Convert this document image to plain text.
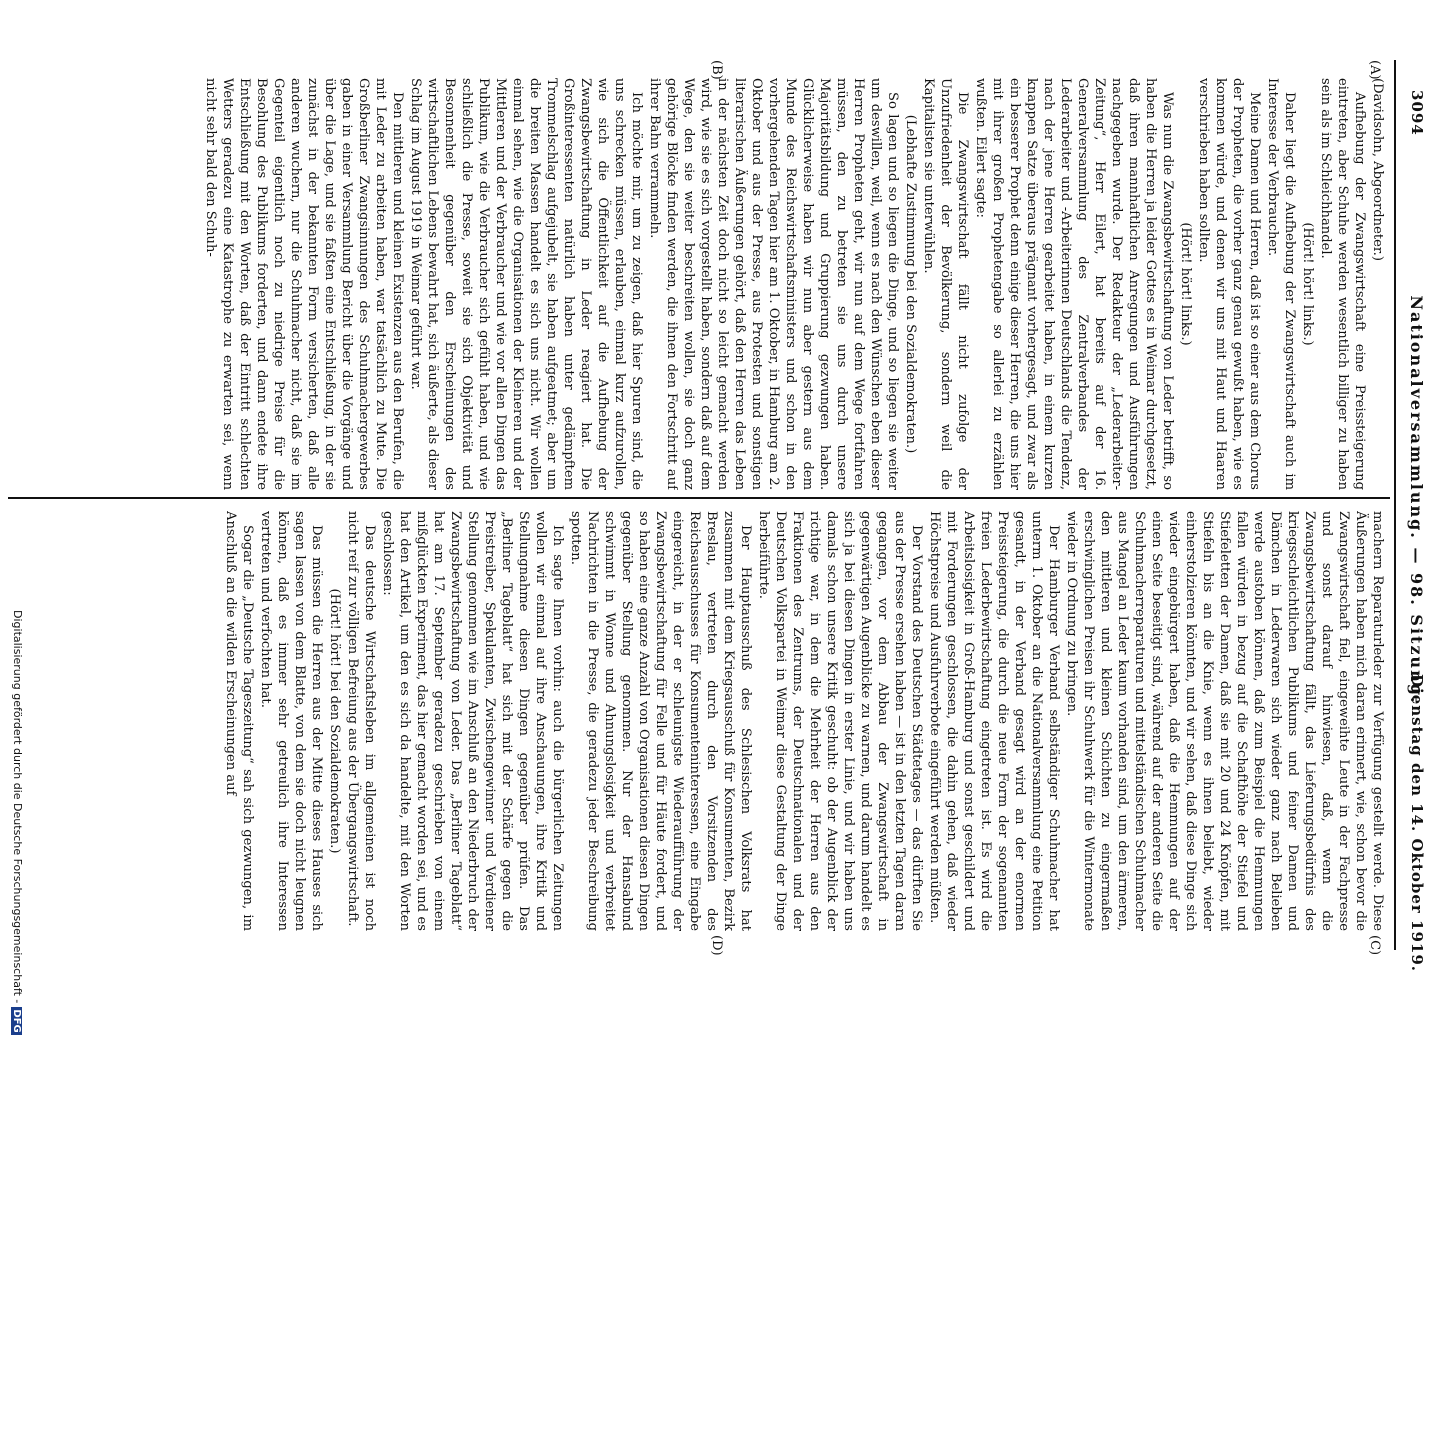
3094
Nationalversammlung. — 98. Sitzung.
Dienstag den 14. Oktober 1919.
(A)
(B)
(C)
(D)

(Davidsohn, Abgeordneter.)

Aufhebung der Zwangswirtschaft eine Preissteigerung eintreten, aber Schuhe werden wesentlich billiger zu haben sein als im Schleichhandel.

(Hört! hört! links.)

Daher liegt die Aufhebung der Zwangswirtschaft auch im Interesse der Verbraucher.

Meine Damen und Herren, daß ist so einer aus dem Chorus der Propheten, die vorher ganz genau gewußt haben, wie es kommen würde, und denen wir uns mit Haut und Haaren verschrieben haben sollten.

(Hört! hört! links.)

Was nun die Zwangsbewirtschaftung von Leder betrifft, so haben die Herren ja leider Gottes es in Weimar durchgesetzt, daß ihren mannhaftlichen Anregungen und Ausführungen nachgegeben wurde. Der Redakteur der „Lederarbeiter-Zeitung“, Herr Eilert, hat bereits auf der 16. Generalversammlung des Zentralverbandes der Lederarbeiter und -Arbeiterinnen Deutschlands die Tendenz, nach der jene Herren gearbeitet haben, in einem kurzen knappen Satze überaus prägnant vorhergesagt, und zwar als ein besserer Prophet denn einige dieser Herren, die uns hier mit ihrer großen Prophetengabe so allerlei zu erzählen wußten. Eilert sagte:

Die Zwangswirtschaft fällt nicht zufolge der Unzufriedenheit der Bevölkerung, sondern weil die Kapitalisten sie unterwühlen.

(Lebhafte Zustimmung bei den Sozialdemokraten.)

So lagen und so liegen die Dinge, und so liegen sie weiter um deswillen, weil, wenn es nach den Wünschen eben dieser Herren Propheten geht, wir nun auf dem Wege fortfahren müssen, den zu betreten sie uns durch unsere Majoritätsbildung und Gruppierung gezwungen haben. Glücklicherweise haben wir nun aber gestern aus dem Munde des Reichswirtschaftsministers und schon in den vorhergehenden Tagen hier am 1. Oktober, in Hamburg am 2. Oktober und aus der Presse, aus Protesten und sonstigen literarischen Äußerungen gehört, daß den Herren das Leben in der nächsten Zeit doch nicht so leicht gemacht werden wird, wie sie es sich vorgestellt haben, sondern daß auf dem Wege, den sie weiter beschreiten wollen, sie doch ganz gehörige Blöcke finden werden, die ihnen den Fortschritt auf ihrer Bahn verrammeln.

Ich möchte mir, um zu zeigen, daß hier Spuren sind, die uns schrecken müssen, erlauben, einmal kurz aufzurollen, wie sich die Öffentlichkeit auf die Aufhebung der Zwangsbewirtschaftung in Leder reagiert hat. Die Großinteressenten natürlich haben unter gedämpftem Trommelschlag aufgejubelt, sie haben aufgeatmet; aber um die breiten Massen handelt es sich uns nicht. Wir wollen einmal sehen, wie die Organisationen der Kleineren und der Mittleren und der Verbraucher und wie vor allen Dingen das Publikum, wie die Verbraucher sich gefühlt haben, und wie schließlich die Presse, soweit sie sich Objektivität und Besonnenheit gegenüber den Erscheinungen des wirtschaftlichen Lebens bewahrt hat, sich äußerte, als dieser Schlag im August 1919 in Weimar geführt war.

Den mittleren und kleinen Existenzen aus den Berufen, die mit Leder zu arbeiten haben, war tatsächlich zu Mute. Die Großberliner Zwangsinnungen des Schuhmachergewerbes gaben in einer Versammlung Bericht über die Vorgänge und über die Lage, und sie faßten eine Entschließung, in der sie zunächst in der bekannten Form versicherten, daß alle anderen wuchern, nur die Schuhmacher nicht, daß sie im Gegenteil eigentlich noch zu niedrige Preise für die Besohlung des Publikums forderten, und dann endete ihre Entschließung mit den Worten, daß der Eintritt schlechten Wetters geradezu eine Katastrophe zu erwarten sei, wenn nicht sehr bald den Schuh-

machern Reparaturleder zur Verfügung gestellt werde. Diese Äußerungen haben mich daran erinnert, wie, schon bevor die Zwangswirtschaft fiel, eingeweihte Leute in der Fachpresse und sonst darauf hinwiesen, daß, wenn die Zwangsbewirtschaftung fällt, das Lieferungsbedürfnis des kriegsschleichtlichen Publikums und feiner Damen und Dämchen in Lederwaren sich wieder ganz nach Belieben werde austoben können, daß zum Beispiel die Hemmungen fallen würden in bezug auf die Schafthöhe der Stiefel und Stiefeletten der Damen, daß sie mit 20 und 24 Knöpfen, mit Stiefeln bis an die Knie, wenn es ihnen beliebt, wieder einherstolzieren könnten, und wir sehen, daß diese Dinge sich wieder eingebürgert haben, daß die Hemmungen auf der einen Seite beseitigt sind, während auf der anderen Seite die Schuhmacherreparaturen und mittelständischen Schuhmacher aus Mangel an Leder kaum vorhanden sind, um den ärmeren, den mittleren und kleinen Schichten zu eingermaßen erschwinglichen Preisen ihr Schuhwerk für die Wintermonate wieder in Ordnung zu bringen.

Der Hamburger Verband selbständiger Schuhmacher hat unterm 1. Oktober an die Nationalversammlung eine Petition gesandt, in der Verband gesagt wird an der enormen Preissteigerung, die durch die neue Form der sogenannten freien Lederbewirtschaftung eingetreten ist. Es wird die Arbeitslosigkeit in Groß-Hamburg und sonst geschildert und mit Forderungen geschlossen, die dahin gehen, daß wieder Höchstpreise und Ausfuhrverbote eingeführt werden müßten.

Der Vorstand des Deutschen Städtetages — das dürften Sie aus der Presse ersehen haben — ist in den letzten Tagen daran gegangen, vor dem Abbau der Zwangswirtschaft in gegenwärtigen Augenblicke zu warnen, und darum handelt es sich ja bei diesen Dingen in erster Linie, und wir haben uns damals schon unsere Kritik geschuht: ob der Augenblick der richtige war, in dem die Mehrheit der Herren aus den Fraktionen des Zentrums, der Deutschnationalen und der Deutschen Volkspartei in Weimar diese Gestaltung der Dinge herbeiführte.

Der Hauptausschuß des Schlesischen Volksrats hat zusammen mit dem Kriegsausschuß für Konsumenten, Bezirk Breslau, vertreten durch den Vorsitzenden des Reichsausschusses für Konsumenteninteressen, eine Eingabe eingereicht, in der er schleunigste Wiederaufführung der Zwangsbewirtschaftung für Felle und für Häute fordert, und so haben eine ganze Anzahl von Organisationen diesen Dingen gegenüber Stellung genommen. Nur der Hansabund schwimmt in Wonne und Ahnungslosigkeit und verbreitet Nachrichten in die Presse, die geradezu jeder Beschreibung spotten.

Ich sagte Ihnen vorhin: auch die bürgerlichen Zeitungen wollen wir einmal auf ihre Anschauungen, ihre Kritik und Stellungnahme diesen Dingen gegenüber prüfen. Das „Berliner Tageblatt“ hat sich mit der Schärfe gegen die Preistreiber, Spekulanten, Zwischengewinner und Verdiener Stellung genommen wie im Anschluß an den Niederbruch der Zwangsbewirtschaftung von Leder. Das „Berliner Tageblatt“ hat am 17. September geradezu geschrieben von einem mißglückten Experiment, das hier gemacht worden sei, und es hat den Artikel, um den es sich da handelte, mit den Worten geschlossen:

Das deutsche Wirtschaftsleben im allgemeinen ist noch nicht reif zur völligen Befreiung aus der Übergangswirtschaft.

(Hört! hört! bei den Sozialdemokraten.)

Das müssen die Herren aus der Mitte dieses Hauses sich sagen lassen von dem Blatte, von dem sie doch nicht leugnen können, daß es immer sehr getreulich ihre Interessen vertreten und verfochten hat.

Sogar die „Deutsche Tageszeitung“ sah sich gezwungen, im Anschluß an die wilden Erscheinungen auf

Digitalisierung gefördert durch die Deutsche Forschungsgemeinschaft -DFG
